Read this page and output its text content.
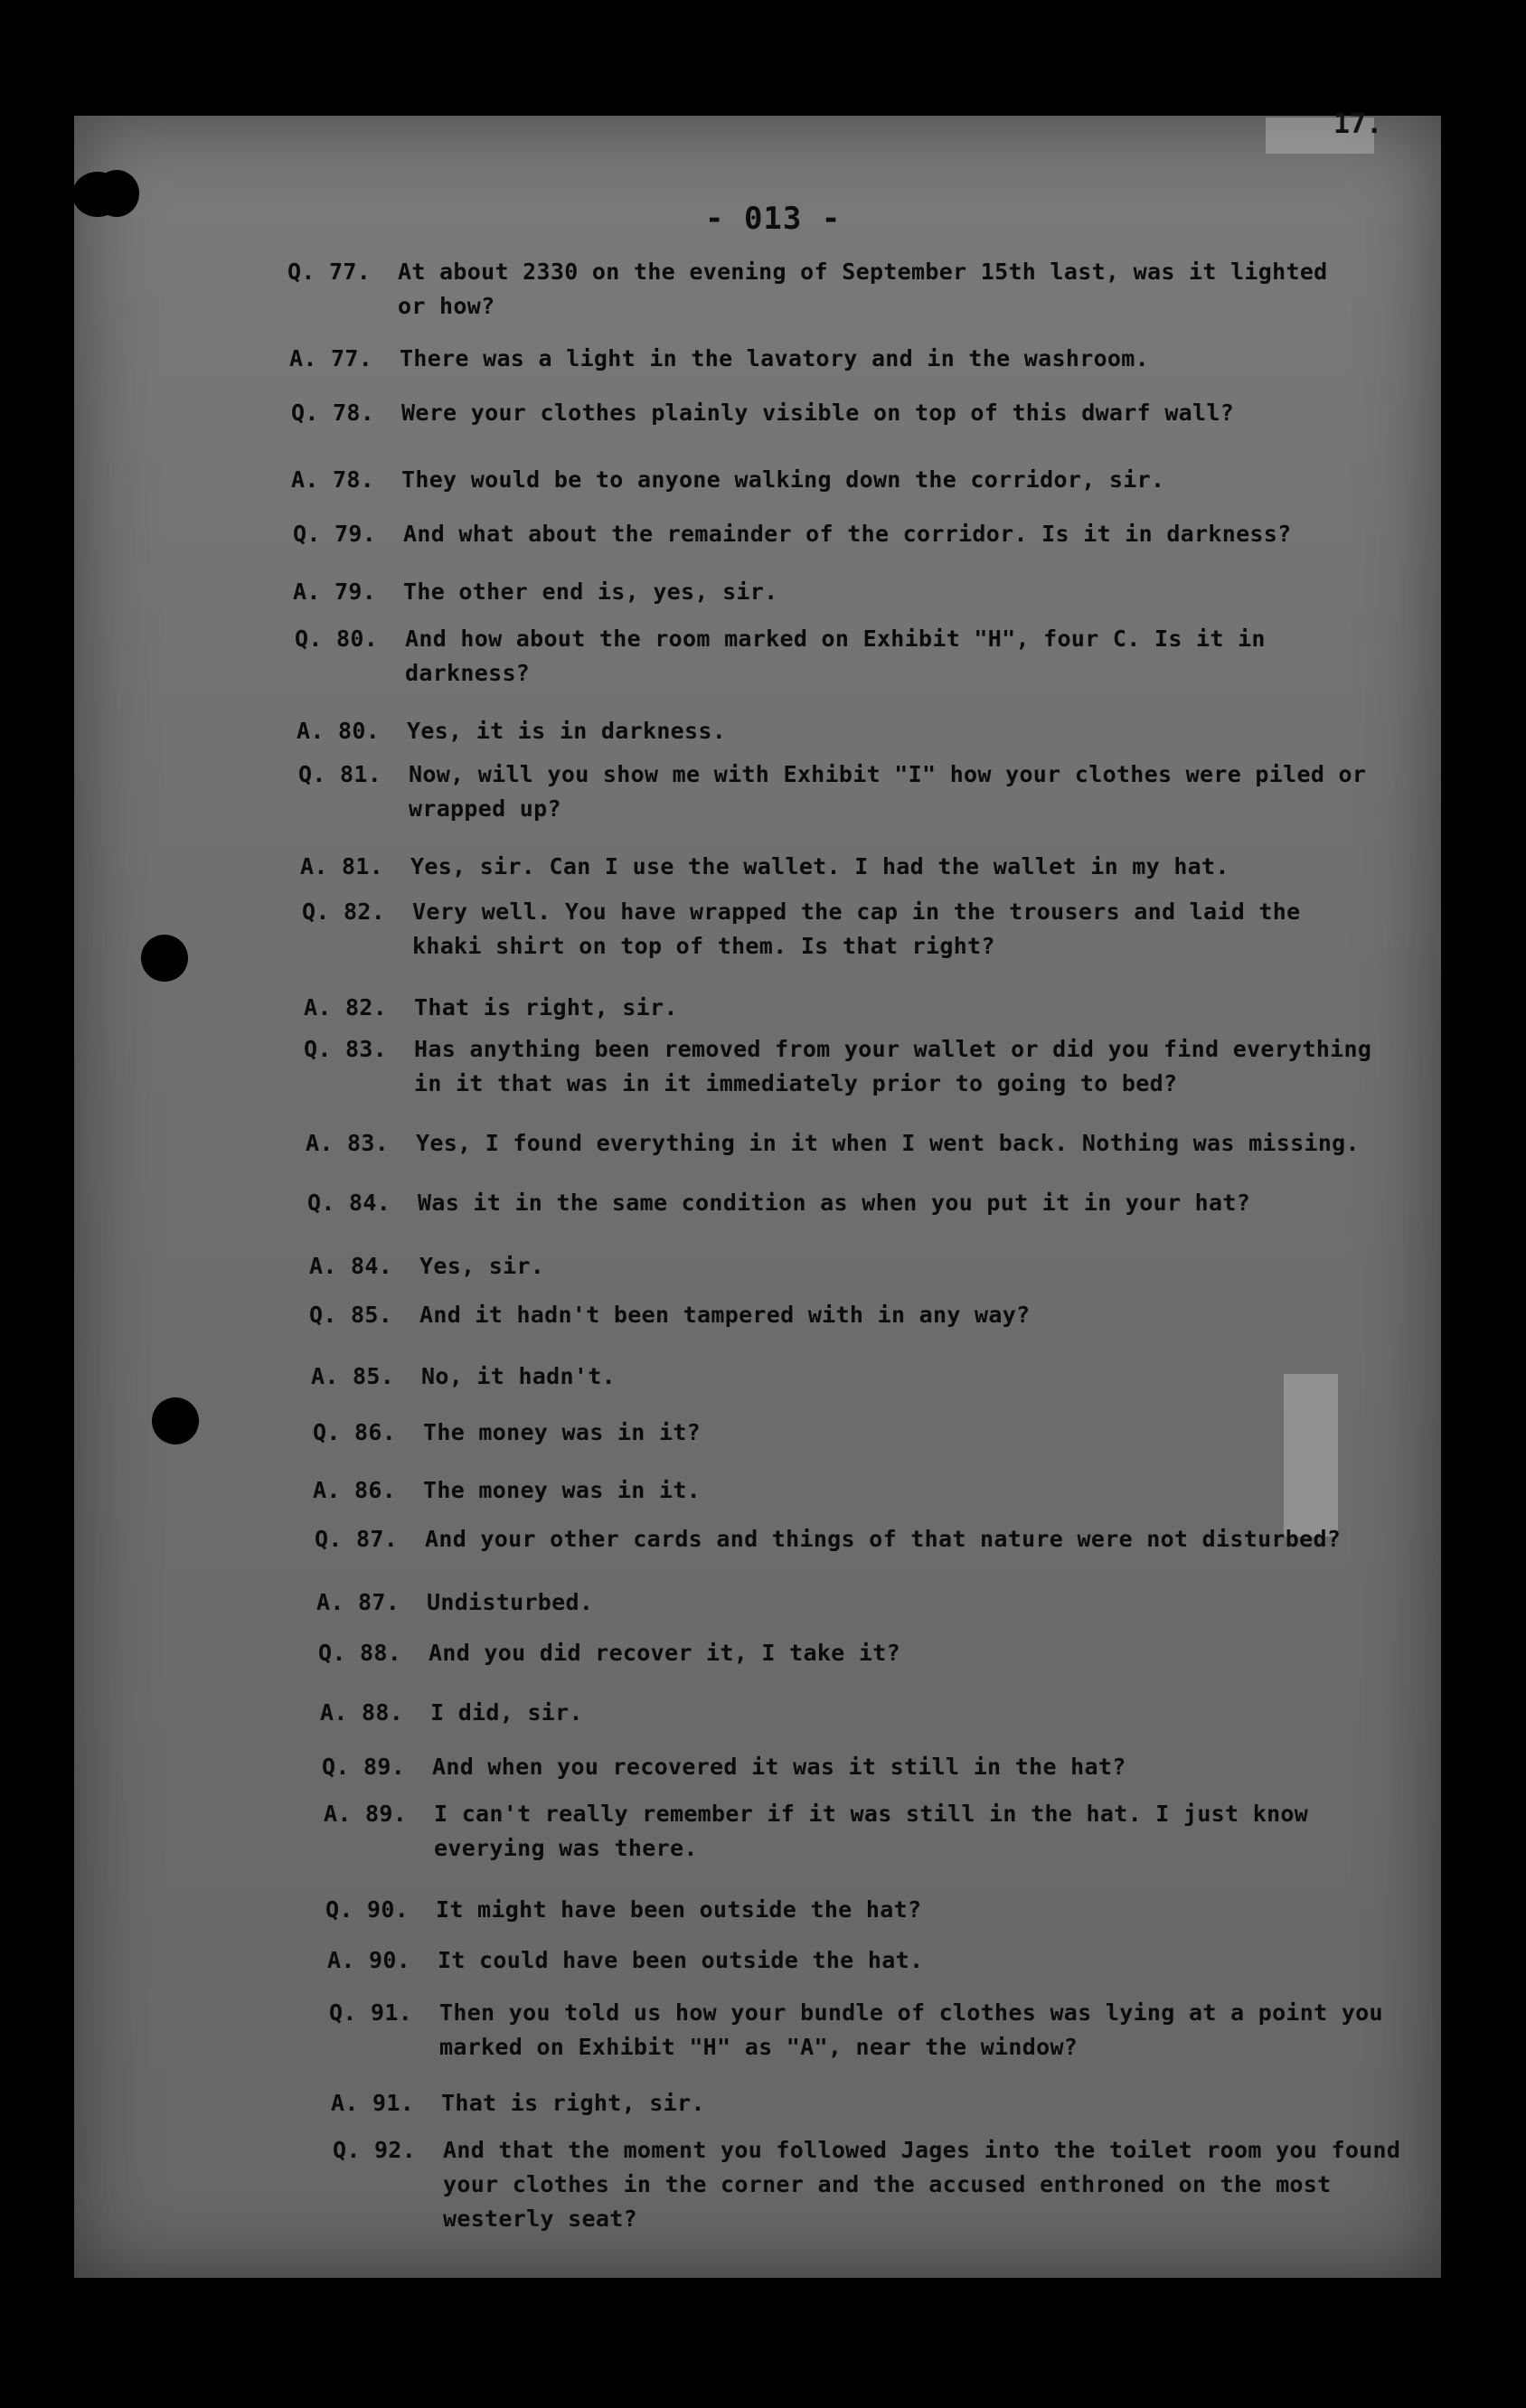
17.
- 013 -
Q. 77.	At about 2330 on the evening of September 15th last, was it lighted or how?
A. 77.	There was a light in the lavatory and in the washroom.
Q. 78.	Were your clothes plainly visible on top of this dwarf wall?
A. 78.	They would be to anyone walking down the corridor, sir.
Q. 79.	And what about the remainder of the corridor. Is it in darkness?
A. 79.	The other end is, yes, sir.
Q. 80.	And how about the room marked on Exhibit "H", four C. Is it in darkness?
A. 80.	Yes, it is in darkness.
Q. 81.	Now, will you show me with Exhibit "I" how your clothes were piled or wrapped up?
A. 81.	Yes, sir. Can I use the wallet. I had the wallet in my hat.
Q. 82.	Very well. You have wrapped the cap in the trousers and laid the khaki shirt on top of them. Is that right?
A. 82.	That is right, sir.
Q. 83.	Has anything been removed from your wallet or did you find everything in it that was in it immediately prior to going to bed?
A. 83.	Yes, I found everything in it when I went back. Nothing was missing.
Q. 84.	Was it in the same condition as when you put it in your hat?
A. 84.	Yes, sir.
Q. 85.	And it hadn't been tampered with in any way?
A. 85.	No, it hadn't.
Q. 86.	The money was in it?
A. 86.	The money was in it.
Q. 87.	And your other cards and things of that nature were not disturbed?
A. 87.	Undisturbed.
Q. 88.	And you did recover it, I take it?
A. 88.	I did, sir.
Q. 89.	And when you recovered it was it still in the hat?
A. 89.	I can't really remember if it was still in the hat. I just know everying was there.
Q. 90.	It might have been outside the hat?
A. 90.	It could have been outside the hat.
Q. 91.	Then you told us how your bundle of clothes was lying at a point you marked on Exhibit "H" as "A", near the window?
A. 91.	That is right, sir.
Q. 92.	And that the moment you followed Jages into the toilet room you found your clothes in the corner and the accused enthroned on the most westerly seat?
